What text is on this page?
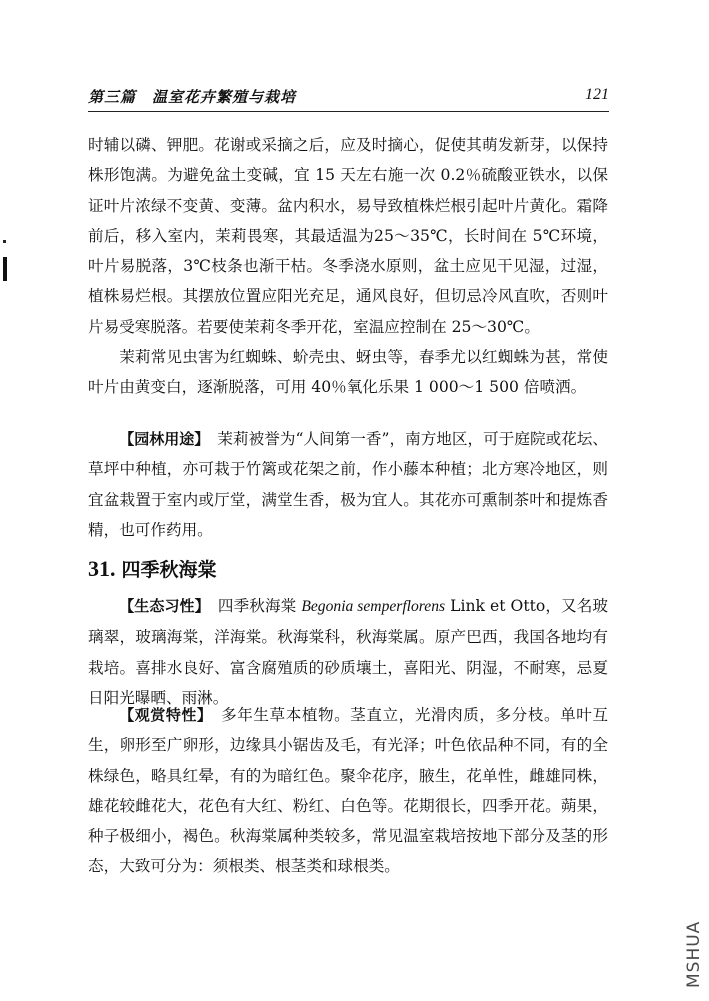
第三篇　温室花卉繁殖与栽培	121

时辅以磷、钾肥。花谢或采摘之后，应及时摘心，促使其萌发新芽，以保持株形饱满。为避免盆土变碱，宜 15 天左右施一次 0.2％硫酸亚铁水，以保证叶片浓绿不变黄、变薄。盆内积水，易导致植株烂根引起叶片黄化。霜降前后，移入室内，茉莉畏寒，其最适温为25～35℃，长时间在 5℃环境，叶片易脱落，3℃枝条也渐干枯。冬季浇水原则，盆土应见干见湿，过湿，植株易烂根。其摆放位置应阳光充足，通风良好，但切忌冷风直吹，否则叶片易受寒脱落。若要使茉莉冬季开花，室温应控制在 25～30℃。

茉莉常见虫害为红蜘蛛、蚧壳虫、蚜虫等，春季尤以红蜘蛛为甚，常使叶片由黄变白，逐渐脱落，可用 40％氧化乐果 1 000～1 500 倍喷洒。

【园林用途】　茉莉被誉为“人间第一香”，南方地区，可于庭院或花坛、草坪中种植，亦可栽于竹篱或花架之前，作小藤本种植；北方寒冷地区，则宜盆栽置于室内或厅堂，满堂生香，极为宜人。其花亦可熏制茶叶和提炼香精，也可作药用。

31. 四季秋海棠

【生态习性】　四季秋海棠 Begonia semperflorens Link et Otto，又名玻璃翠，玻璃海棠，洋海棠。秋海棠科，秋海棠属。原产巴西，我国各地均有栽培。喜排水良好、富含腐殖质的砂质壤土，喜阳光、阴湿，不耐寒，忌夏日阳光曝晒、雨淋。

【观赏特性】　多年生草本植物。茎直立，光滑肉质，多分枝。单叶互生，卵形至广卵形，边缘具小锯齿及毛，有光泽；叶色依品种不同，有的全株绿色，略具红晕，有的为暗红色。聚伞花序，腋生，花单性，雌雄同株，雄花较雌花大，花色有大红、粉红、白色等。花期很长，四季开花。蒴果，种子极细小，褐色。秋海棠属种类较多，常见温室栽培按地下部分及茎的形态，大致可分为：须根类、根茎类和球根类。

MSHUA
